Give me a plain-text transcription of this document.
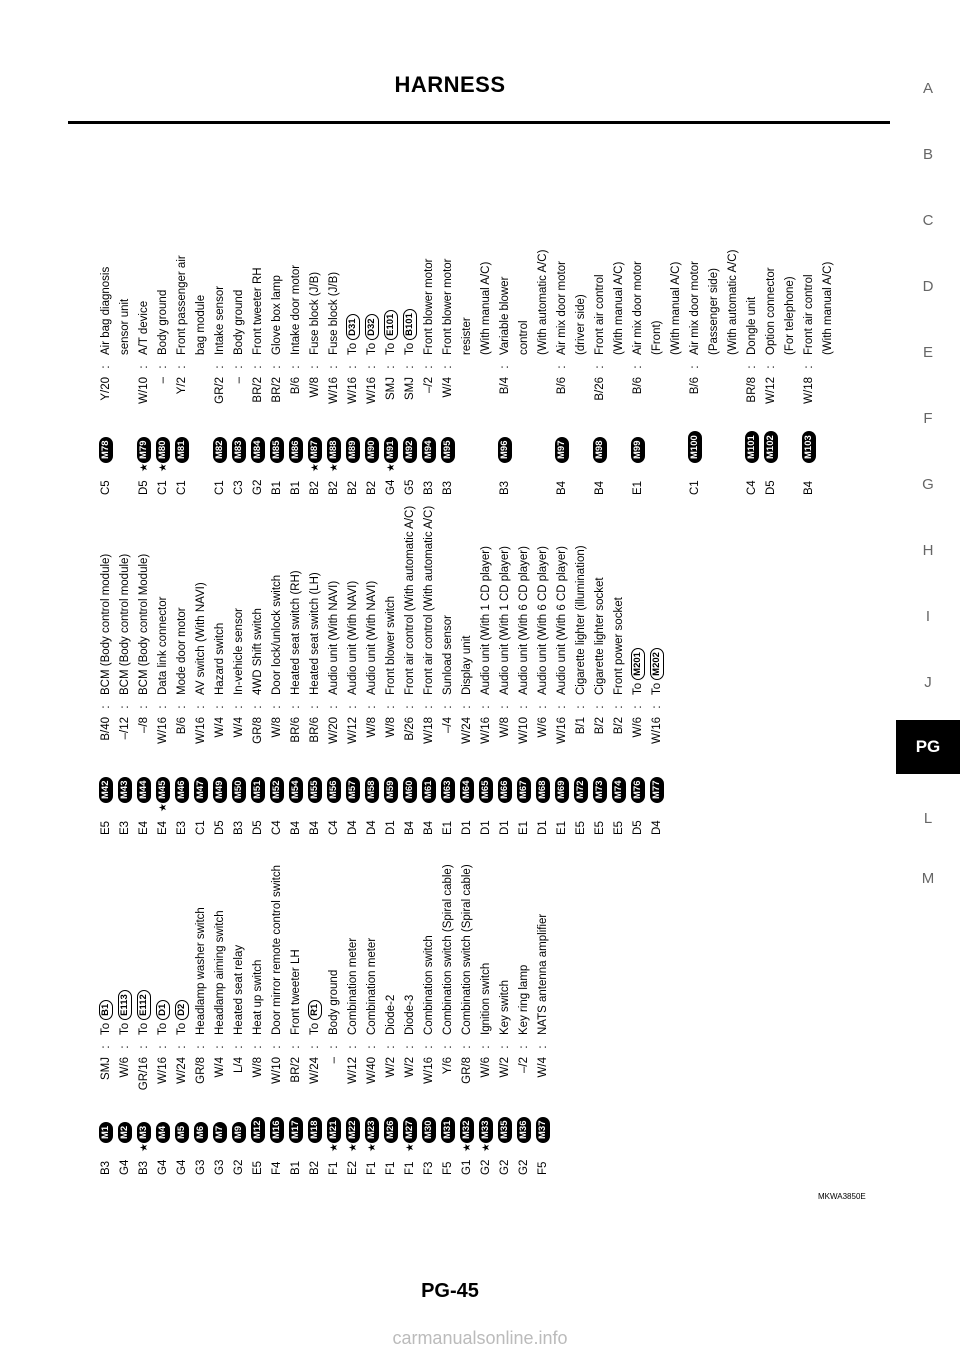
HARNESS	A
B
C
D
E
F
G
H
I
J
PG
L
M
B3
M1
SMJ
:
ToB1
G4
M2
W/6
:
ToE113
B3
★
M3
GR/16
:
ToE112
G4
M4
W/16
:
ToD1
G4
M5
W/24
:
ToD2
G3
M6
GR/8
:
Headlamp washer switch
G3
M7
W/4
:
Headlamp aiming switch
G2
M9
L/4
:
Heated seat relay
E5
M12
W/8
:
Heat up switch
F4
M16
W/10
:
Door mirror remote control switch
B1
M17
BR/2
:
Front tweeter LH
B2
M18
W/24
:
ToR1
F1
★
M21
–
:
Body ground
E2
★
M22
W/12
:
Combination meter
F1
★
M23
W/40
:
Combination meter
F1
M26
W/2
:
Diode-2
F1
★
M27
W/2
:
Diode-3
F3
M30
W/16
:
Combination switch
F5
M31
Y/6
:
Combination switch (Spiral cable)
G1
★
M32
GR/8
:
Combination switch (Spiral cable)
G2
★
M33
W/6
:
Ignition switch
G2
M35
W/2
:
Key switch
G2
M36
–/2
:
Key ring lamp
F5
M37
W/4
:
NATS antenna amplifier
E5
M42
B/40
:
BCM (Body control module)
E3
M43
–/12
:
BCM (Body control module)
E4
M44
–/8
:
BCM (Body control Module)
E4
★
M45
W/16
:
Data link connector
E3
M46
B/6
:
Mode door motor
C1
M47
W/16
:
AV switch (With NAVI)
D5
M49
W/4
:
Hazard switch
B3
M50
W/4
:
In-vehicle sensor
D5
M51
GR/8
:
4WD Shift switch
C4
M52
W/8
:
Door lock/unlock switch
B4
M54
BR/6
:
Heated seat switch (RH)
B4
M55
BR/6
:
Heated seat switch (LH)
C4
M56
W/20
:
Audio unit (With NAVI)
D4
M57
W/12
:
Audio unit (With NAVI)
D4
M58
W/8
:
Audio unit (With NAVI)
D1
M59
W/8
:
Front blower switch
B4
M60
B/26
:
Front air control (With automatic A/C)
B4
M61
W/18
:
Front air control (With automatic A/C)
E1
M63
–/4
:
Sunload sensor
D1
M64
W/24
:
Display unit
D1
M65
W/16
:
Audio unit (With 1 CD player)
D1
M66
W/8
:
Audio unit (With 1 CD player)
E1
M67
W/10
:
Audio unit (With 6 CD player)
D1
M68
W/6
:
Audio unit (With 6 CD player)
E1
M69
W/16
:
Audio unit (With 6 CD player)
E5
M72
B/1
:
Cigarette lighter (illumination)
E5
M73
B/2
:
Cigarette lighter socket
E5
M74
B/2
:
Front power socket
D5
M76
W/6
:
ToM201
D4
M77
W/16
:
ToM202
C5
M78
Y/20
:
Air bag diagnosis sensor unit
D5
★
M79
W/10
:
A/T device
C1
★
M80
–
:
Body ground
C1
M81
Y/2
:
Front passenger air bag module
C1
M82
GR/2
:
Intake sensor
C3
M83
–
:
Body ground
G2
M84
BR/2
:
Front tweeter RH
B1
M85
BR/2
:
Glove box lamp
B1
M86
B/6
:
Intake door motor
B2
★
M87
W/8
:
Fuse block (J/B)
B2
★
M88
W/16
:
Fuse block (J/B)
B2
M89
W/16
:
ToD31
B2
M90
W/16
:
ToD32
G4
★
M91
SMJ
:
ToE101
G5
M92
SMJ
:
ToB101
B3
M94
–/2
:
Front blower motor
B3
M95
W/4
:
Front blower motor resister (With manual A/C)
B3
M96
B/4
:
Variable blower control (With automatic A/C)
B4
M97
B/6
:
Air mix door motor (driver side)
B4
M98
B/26
:
Front air control (With manual A/C)
E1
M99
B/6
:
Air mix door motor (Front) (With manual A/C)
C1
M100
B/6
:
Air mix door motor (Passenger side) (With automatic A/C)
C4
M101
BR/8
:
Dongle unit
D5
M102
W/12
:
Option connector (For telephone)
B4
M103
W/18
:
Front air control (With manual A/C)
MKWA3850E
PG-45
carmanualsonline.info
